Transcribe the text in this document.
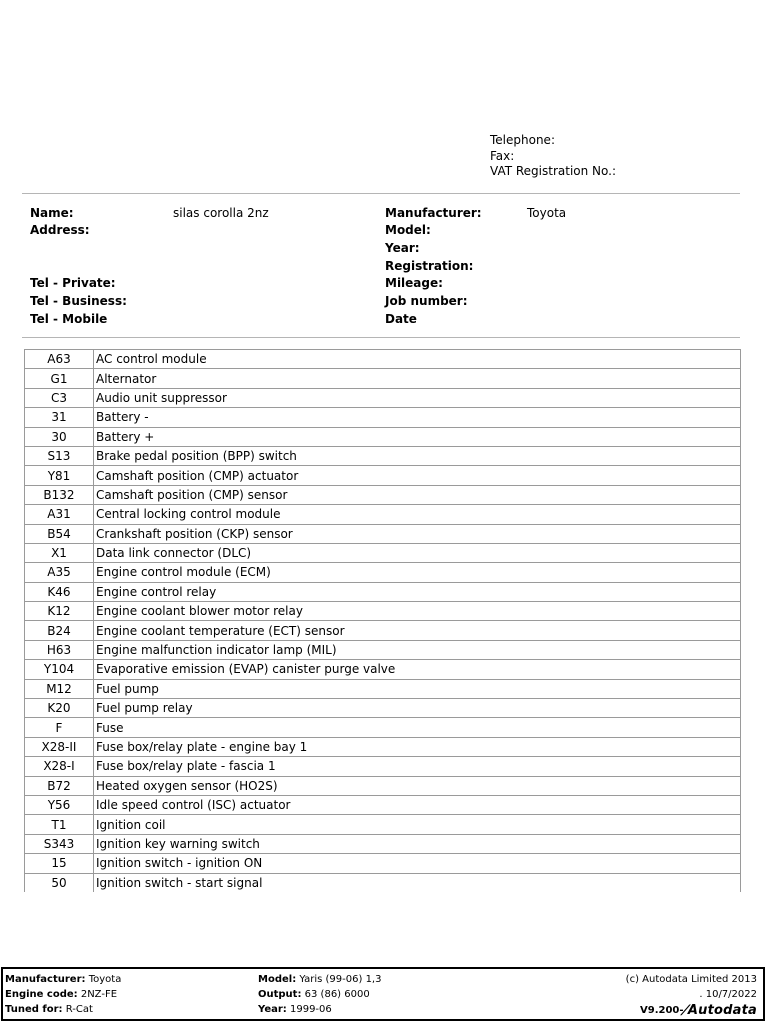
Telephone:
Fax:
VAT Registration No.:
Name:	silas corolla 2nz
Address:
Tel - Private:
Tel - Business:
Tel - Mobile
Manufacturer:	Toyota
Model:
Year:
Registration:
Mileage:
Job number:
Date
A63	AC control module
G1	Alternator
C3	Audio unit suppressor
31	Battery -
30	Battery +
S13	Brake pedal position (BPP) switch
Y81	Camshaft position (CMP) actuator
B132	Camshaft position (CMP) sensor
A31	Central locking control module
B54	Crankshaft position (CKP) sensor
X1	Data link connector (DLC)
A35	Engine control module (ECM)
K46	Engine control relay
K12	Engine coolant blower motor relay
B24	Engine coolant temperature (ECT) sensor
H63	Engine malfunction indicator lamp (MIL)
Y104	Evaporative emission (EVAP) canister purge valve
M12	Fuel pump
K20	Fuel pump relay
F	Fuse
X28-II	Fuse box/relay plate - engine bay 1
X28-I	Fuse box/relay plate - fascia 1
B72	Heated oxygen sensor (HO2S)
Y56	Idle speed control (ISC) actuator
T1	Ignition coil
S343	Ignition key warning switch
15	Ignition switch - ignition ON
50	Ignition switch - start signal
Manufacturer: Toyota
Engine code: 2NZ-FE
Tuned for: R-Cat
Model: Yaris (99-06) 1,3
Output: 63 (86) 6000
Year: 1999-06
(c) Autodata Limited 2013
. 10/7/2022
V9.200-
/Autodata
